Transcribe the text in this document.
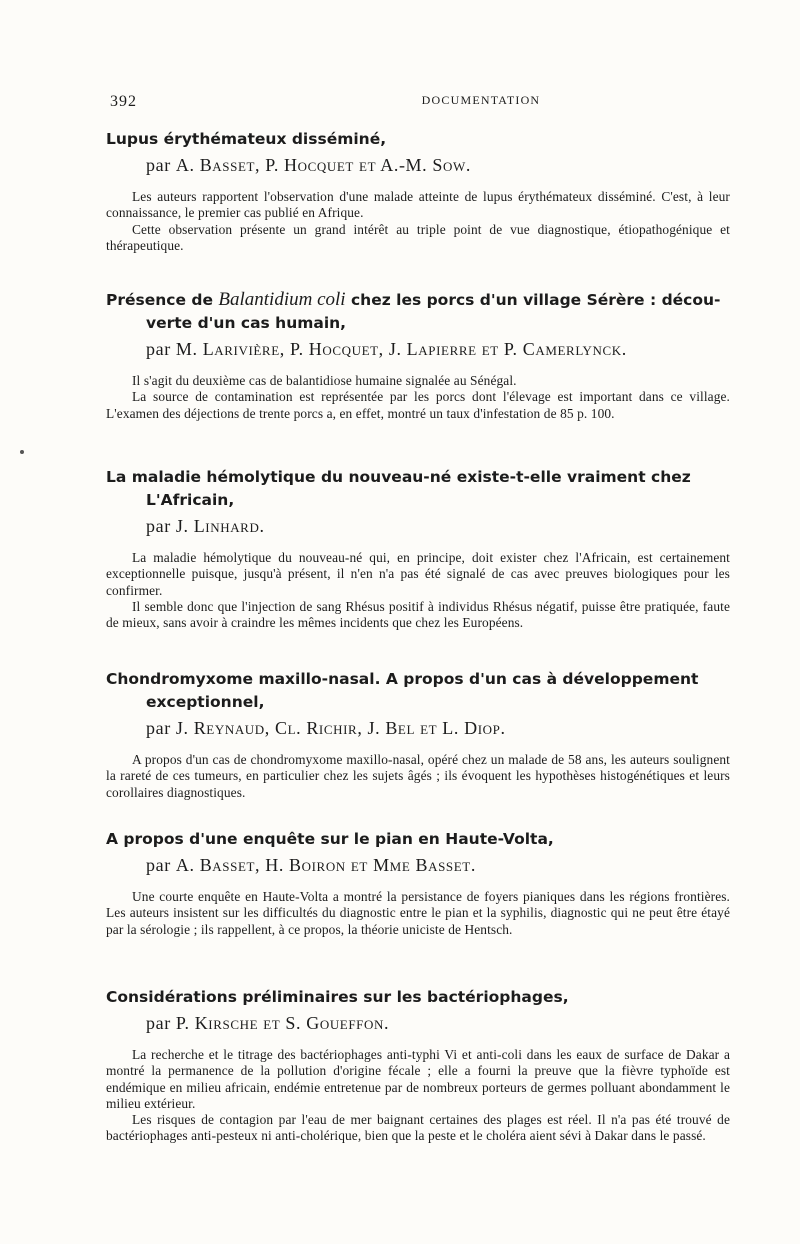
392	DOCUMENTATION
Lupus érythémateux disséminé,
par A. Basset, P. Hocquet et A.-M. Sow.

Les auteurs rapportent l'observation d'une malade atteinte de lupus érythémateux disséminé. C'est, à leur connaissance, le premier cas publié en Afrique.

Cette observation présente un grand intérêt au triple point de vue diagnostique, étiopathogénique et thérapeutique.

Présence de Balantidium coli chez les porcs d'un village Sérère : décou-
verte d'un cas humain,
par M. Larivière, P. Hocquet, J. Lapierre et P. Camerlynck.

Il s'agit du deuxième cas de balantidiose humaine signalée au Sénégal.

La source de contamination est représentée par les porcs dont l'élevage est important dans ce village. L'examen des déjections de trente porcs a, en effet, montré un taux d'infestation de 85 p. 100.

La maladie hémolytique du nouveau-né existe-t-elle vraiment chez
L'Africain,
par J. Linhard.

La maladie hémolytique du nouveau-né qui, en principe, doit exister chez l'Africain, est certainement exceptionnelle puisque, jusqu'à présent, il n'en n'a pas été signalé de cas avec preuves biologiques pour les confirmer.

Il semble donc que l'injection de sang Rhésus positif à individus Rhésus négatif, puisse être pratiquée, faute de mieux, sans avoir à craindre les mêmes incidents que chez les Européens.

Chondromyxome maxillo-nasal. A propos d'un cas à développement
exceptionnel,
par J. Reynaud, Cl. Richir, J. Bel et L. Diop.

A propos d'un cas de chondromyxome maxillo-nasal, opéré chez un malade de 58 ans, les auteurs soulignent la rareté de ces tumeurs, en particulier chez les sujets âgés ; ils évoquent les hypothèses histogénétiques et leurs corollaires diagnostiques.

A propos d'une enquête sur le pian en Haute-Volta,
par A. Basset, H. Boiron et Mme Basset.

Une courte enquête en Haute-Volta a montré la persistance de foyers pianiques dans les régions frontières. Les auteurs insistent sur les difficultés du diagnostic entre le pian et la syphilis, diagnostic qui ne peut être étayé par la sérologie ; ils rappellent, à ce propos, la théorie uniciste de Hentsch.

Considérations préliminaires sur les bactériophages,
par P. Kirsche et S. Goueffon.

La recherche et le titrage des bactériophages anti-typhi Vi et anti-coli dans les eaux de surface de Dakar a montré la permanence de la pollution d'origine fécale ; elle a fourni la preuve que la fièvre typhoïde est endémique en milieu africain, endémie entretenue par de nombreux porteurs de germes polluant abondamment le milieu extérieur.

Les risques de contagion par l'eau de mer baignant certaines des plages est réel. Il n'a pas été trouvé de bactériophages anti-pesteux ni anti-cholérique, bien que la peste et le choléra aient sévi à Dakar dans le passé.
